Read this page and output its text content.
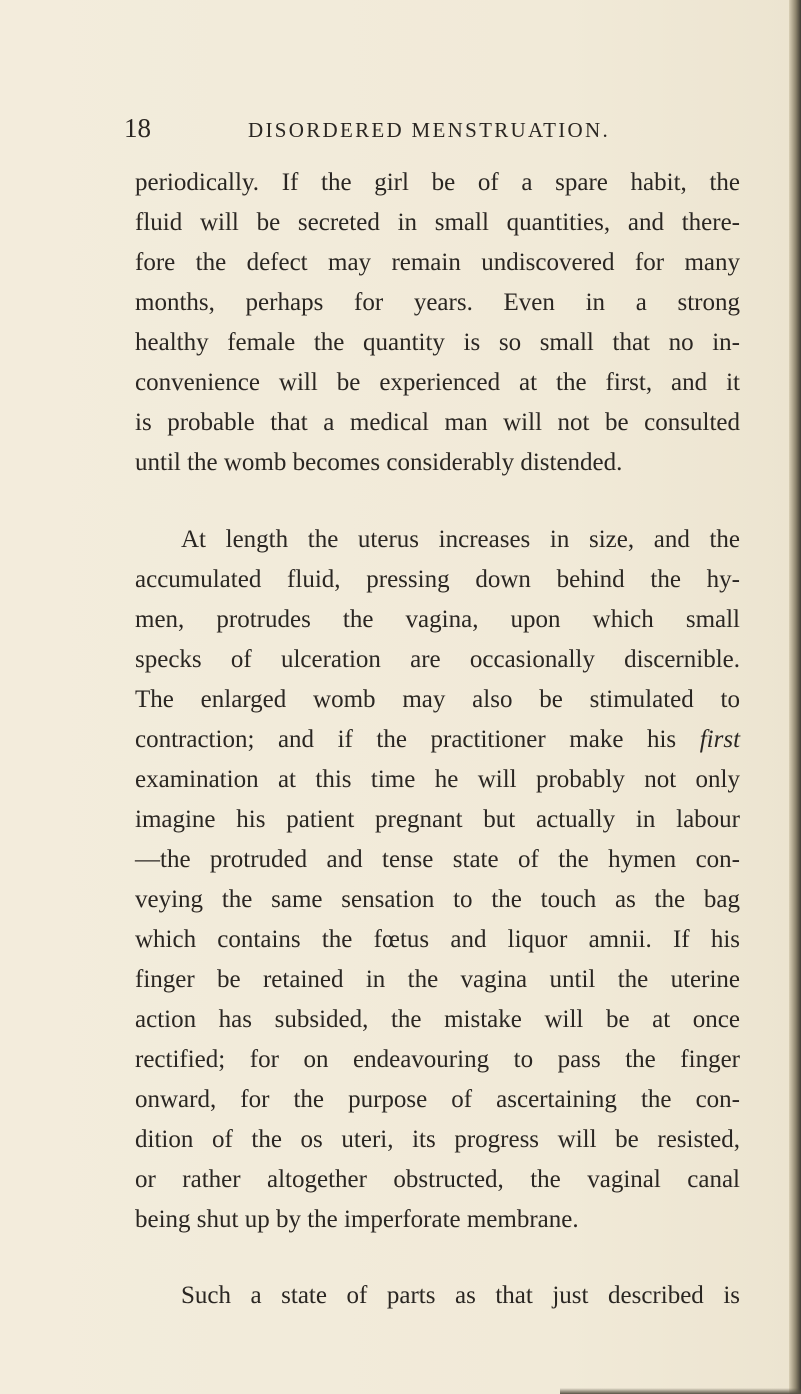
18	DISORDERED MENSTRUATION.
periodically. If the girl be of a spare habit, the
fluid will be secreted in small quantities, and there-
fore the defect may remain undiscovered for many
months, perhaps for years. Even in a strong
healthy female the quantity is so small that no in-
convenience will be experienced at the first, and it
is probable that a medical man will not be consulted
until the womb becomes considerably distended.
At length the uterus increases in size, and the
accumulated fluid, pressing down behind the hy-
men, protrudes the vagina, upon which small
specks of ulceration are occasionally discernible.
The enlarged womb may also be stimulated to
contraction; and if the practitioner make his first
examination at this time he will probably not only
imagine his patient pregnant but actually in labour
—the protruded and tense state of the hymen con-
veying the same sensation to the touch as the bag
which contains the fœtus and liquor amnii. If his
finger be retained in the vagina until the uterine
action has subsided, the mistake will be at once
rectified; for on endeavouring to pass the finger
onward, for the purpose of ascertaining the con-
dition of the os uteri, its progress will be resisted,
or rather altogether obstructed, the vaginal canal
being shut up by the imperforate membrane.
Such a state of parts as that just described is
